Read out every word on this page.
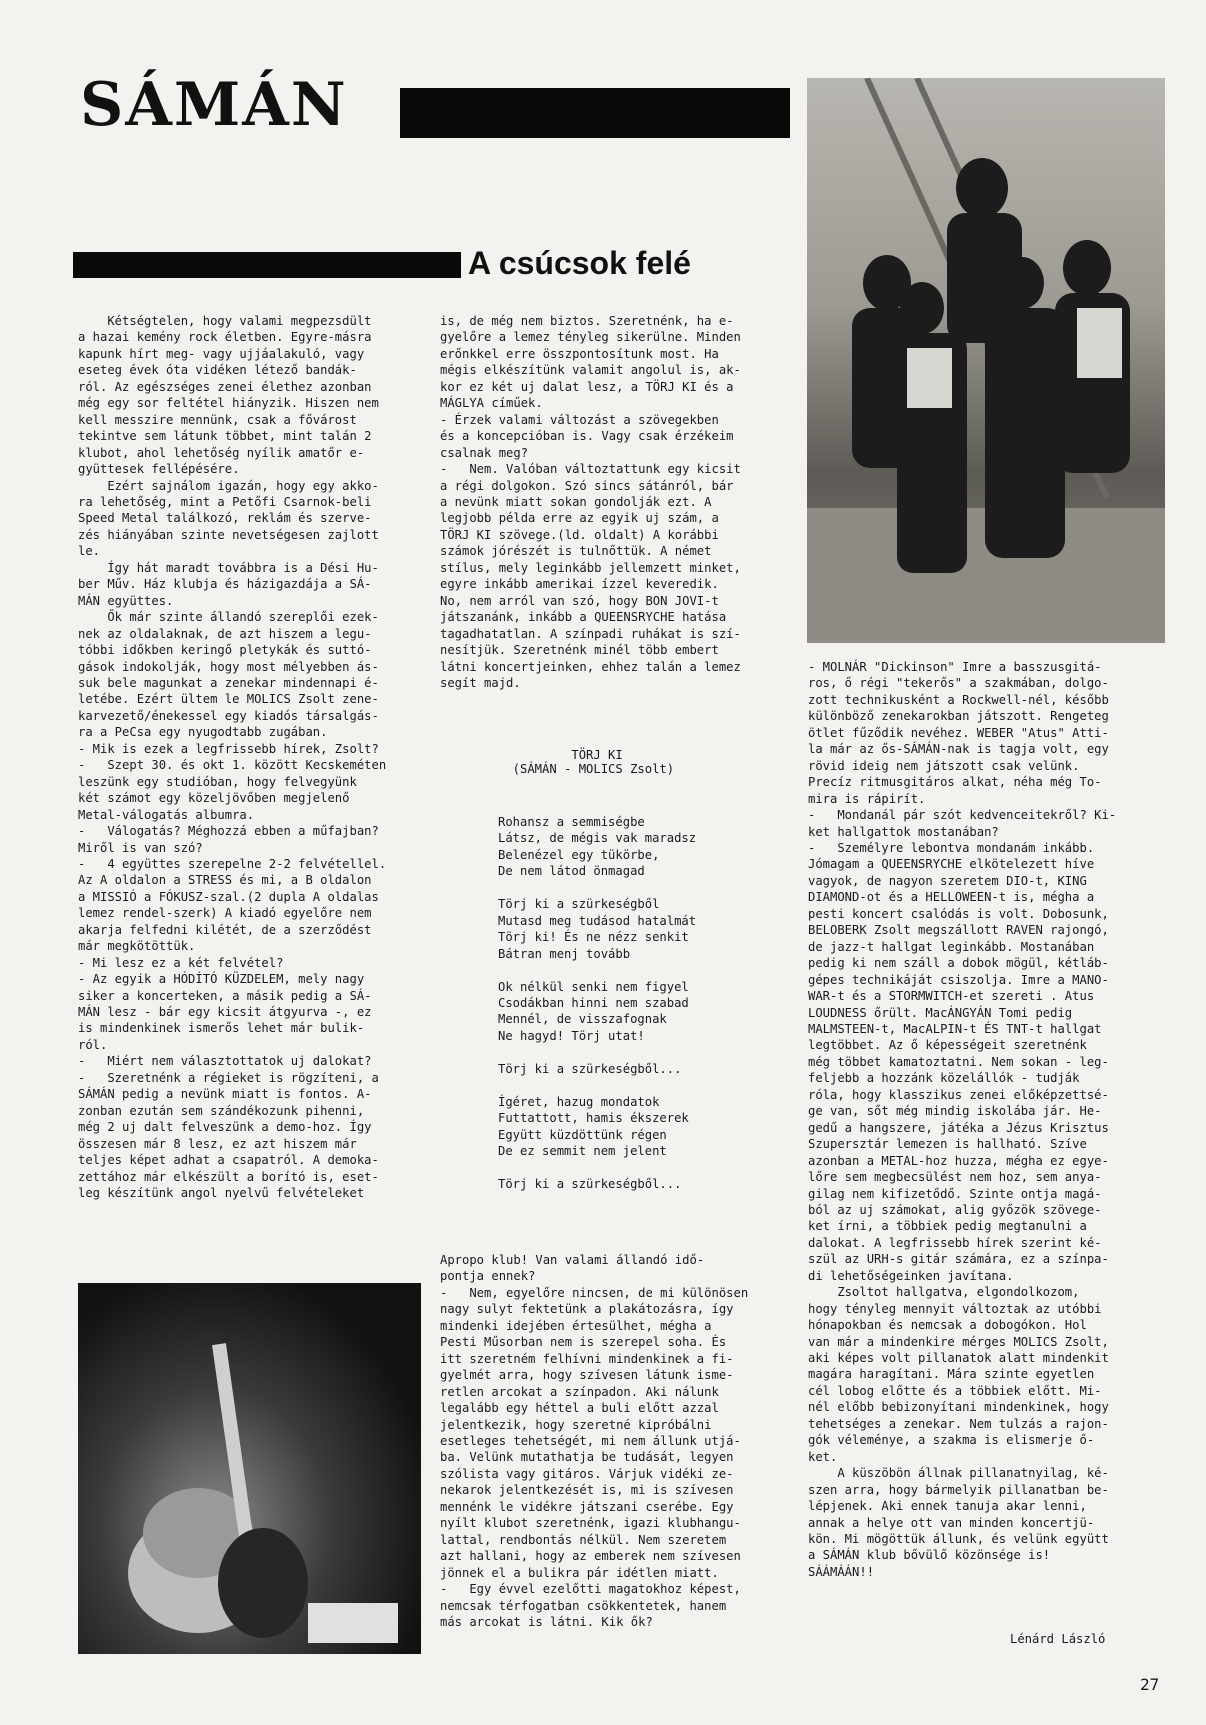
SÁMÁN
A csúcsok felé
Kétségtelen, hogy valami megpezsdült
a hazai kemény rock életben. Egyre-másra
kapunk hírt meg- vagy ujjáalakuló, vagy
eseteg évek óta vidéken létező bandák-
ról. Az egészséges zenei élethez azonban
még egy sor feltétel hiányzik. Hiszen nem
kell messzire mennünk, csak a fővárost
tekintve sem látunk többet, mint talán 2
klubot, ahol lehetőség nyílik amatőr e-
gyüttesek fellépésére.
Ezért sajnálom igazán, hogy egy akko-
ra lehetőség, mint a Petőfi Csarnok-beli
Speed Metal találkozó, reklám és szerve-
zés hiányában szinte nevetségesen zajlott
le.
Így hát maradt továbbra is a Dési Hu-
ber Műv. Ház klubja és házigazdája a SÁ-
MÁN együttes.
Ők már szinte állandó szereplői ezek-
nek az oldalaknak, de azt hiszem a legu-
tóbbi időkben keringő pletykák és suttó-
gások indokolják, hogy most mélyebben ás-
suk bele magunkat a zenekar mindennapi é-
letébe. Ezért ültem le MOLICS Zsolt zene-
karvezető/énekessel egy kiadós társalgás-
ra a PeCsa egy nyugodtabb zugában.
- Mik is ezek a legfrissebb hírek, Zsolt?
-   Szept 30. és okt 1. között Kecskeméten
leszünk egy studióban, hogy felvegyünk
két számot egy közeljövőben megjelenő
Metal-válogatás albumra.
-   Válogatás? Méghozzá ebben a műfajban?
Miről is van szó?
-   4 együttes szerepelne 2-2 felvétellel.
Az A oldalon a STRESS és mi, a B oldalon
a MISSIÓ a FÓKUSZ-szal.(2 dupla A oldalas
lemez rendel-szerk) A kiadó egyelőre nem
akarja felfedni kilétét, de a szerződést
már megkötöttük.
- Mi lesz ez a két felvétel?
- Az egyik a HÓDÍTÓ KÜZDELEM, mely nagy
siker a koncerteken, a másik pedig a SÁ-
MÁN lesz - bár egy kicsit átgyurva -, ez
is mindenkinek ismerős lehet már bulik-
ról.
-   Miért nem választottatok uj dalokat?
-   Szeretnénk a régieket is rögzíteni, a
SÁMÁN pedig a nevünk miatt is fontos. A-
zonban ezután sem szándékozunk pihenni,
még 2 uj dalt felveszünk a demo-hoz. Így
összesen már 8 lesz, ez azt hiszem már
teljes képet adhat a csapatról. A demoka-
zettához már elkészült a borító is, eset-
leg készítünk angol nyelvű felvételeket
is, de még nem biztos. Szeretnénk, ha e-
gyelőre a lemez tényleg sikerülne. Minden
erőnkkel erre összpontosítunk most. Ha
mégis elkészítünk valamit angolul is, ak-
kor ez két uj dalat lesz, a TÖRJ KI és a
MÁGLYA címűek.
- Érzek valami változást a szövegekben
és a koncepcióban is. Vagy csak érzékeim
csalnak meg?
-   Nem. Valóban változtattunk egy kicsit
a régi dolgokon. Szó sincs sátánról, bár
a nevünk miatt sokan gondolják ezt. A
legjobb példa erre az egyik uj szám, a
TÖRJ KI szövege.(ld. oldalt) A korábbi
számok jórészét is tulnőttük. A német
stílus, mely leginkább jellemzett minket,
egyre inkább amerikai ízzel keveredik.
No, nem arról van szó, hogy BON JOVI-t
játszanánk, inkább a QUEENSRYCHE hatása
tagadhatatlan. A színpadi ruhákat is szí-
nesítjük. Szeretnénk minél több embert
látni koncertjeinken, ehhez talán a lemez
segít majd.
TÖRJ KI
(SÁMÁN - MOLICS Zsolt)
Rohansz a semmiségbe
Látsz, de mégis vak maradsz
Belenézel egy tükörbe,
De nem látod önmagad

Törj ki a szürkeségből
Mutasd meg tudásod hatalmát
Törj ki! És ne nézz senkit
Bátran menj tovább

Ok nélkül senki nem figyel
Csodákban hinni nem szabad
Mennél, de visszafognak
Ne hagyd! Törj utat!

Törj ki a szürkeségből...

Ígéret, hazug mondatok
Futtattott, hamis ékszerek
Együtt küzdöttünk régen
De ez semmit nem jelent

Törj ki a szürkeségből...
Apropo klub! Van valami állandó idő-
pontja ennek?
-   Nem, egyelőre nincsen, de mi különösen
nagy sulyt fektetünk a plakátozásra, így
mindenki idejében értesülhet, mégha a
Pesti Műsorban nem is szerepel soha. És
itt szeretném felhívni mindenkinek a fi-
gyelmét arra, hogy szívesen látunk isme-
retlen arcokat a színpadon. Aki nálunk
legalább egy héttel a buli előtt azzal
jelentkezik, hogy szeretné kipróbálni
esetleges tehetségét, mi nem állunk utjá-
ba. Velünk mutathatja be tudását, legyen
szólista vagy gitáros. Várjuk vidéki ze-
nekarok jelentkezését is, mi is szívesen
mennénk le vidékre játszani cserébe. Egy
nyílt klubot szeretnénk, igazi klubhangu-
lattal, rendbontás nélkül. Nem szeretem
azt hallani, hogy az emberek nem szívesen
jönnek el a bulikra pár idétlen miatt.
-   Egy évvel ezelőtti magatokhoz képest,
nemcsak térfogatban csökkentetek, hanem
más arcokat is látni. Kik ők?
- MOLNÁR "Dickinson" Imre a basszusgitá-
ros, ő régi "tekerős" a szakmában, dolgo-
zott technikusként a Rockwell-nél, később
különböző zenekarokban játszott. Rengeteg
ötlet fűződik nevéhez. WEBER "Atus" Atti-
la már az ős-SÁMÁN-nak is tagja volt, egy
rövid ideig nem játszott csak velünk.
Precíz ritmusgitáros alkat, néha még To-
mira is rápirít.
-   Mondanál pár szót kedvenceitekről? Ki-
ket hallgattok mostanában?
-   Személyre lebontva mondanám inkább.
Jómagam a QUEENSRYCHE elkötelezett híve
vagyok, de nagyon szeretem DIO-t, KING
DIAMOND-ot és a HELLOWEEN-t is, mégha a
pesti koncert csalódás is volt. Dobosunk,
BELOBERK Zsolt megszállott RAVEN rajongó,
de jazz-t hallgat leginkább. Mostanában
pedig ki nem száll a dobok mögül, kétláb-
gépes technikáját csiszolja. Imre a MANO-
WAR-t és a STORMWITCH-et szereti . Atus
LOUDNESS őrült. MacÁNGYÁN Tomi pedig
MALMSTEEN-t, MacALPIN-t ÉS TNT-t hallgat
legtöbbet. Az ő képességeit szeretnénk
még többet kamatoztatni. Nem sokan - leg-
feljebb a hozzánk közelállók - tudják
róla, hogy klasszikus zenei előképzettsé-
ge van, sőt még mindig iskolába jár. He-
gedű a hangszere, játéka a Jézus Krisztus
Szupersztár lemezen is hallható. Szíve
azonban a METAL-hoz huzza, mégha ez egye-
lőre sem megbecsülést nem hoz, sem anya-
gilag nem kifizetődő. Szinte ontja magá-
ból az uj számokat, alig győzök szövege-
ket írni, a többiek pedig megtanulni a
dalokat. A legfrissebb hírek szerint ké-
szül az URH-s gitár számára, ez a színpa-
di lehetőségeinken javítana.
Zsoltot hallgatva, elgondolkozom,
hogy tényleg mennyit változtak az utóbbi
hónapokban és nemcsak a dobogókon. Hol
van már a mindenkire mérges MOLICS Zsolt,
aki képes volt pillanatok alatt mindenkit
magára haragítani. Mára szinte egyetlen
cél lobog előtte és a többiek előtt. Mi-
nél előbb bebizonyítani mindenkinek, hogy
tehetséges a zenekar. Nem tulzás a rajon-
gók véleménye, a szakma is elismerje ő-
ket.
A küszöbön állnak pillanatnyilag, ké-
szen arra, hogy bármelyik pillanatban be-
lépjenek. Aki ennek tanuja akar lenni,
annak a helye ott van minden koncertjü-
kön. Mi mögöttük állunk, és velünk együtt
a SÁMÁN klub bővülő közönsége is!
SÁÁMÁÁN!!
Lénárd László
27
